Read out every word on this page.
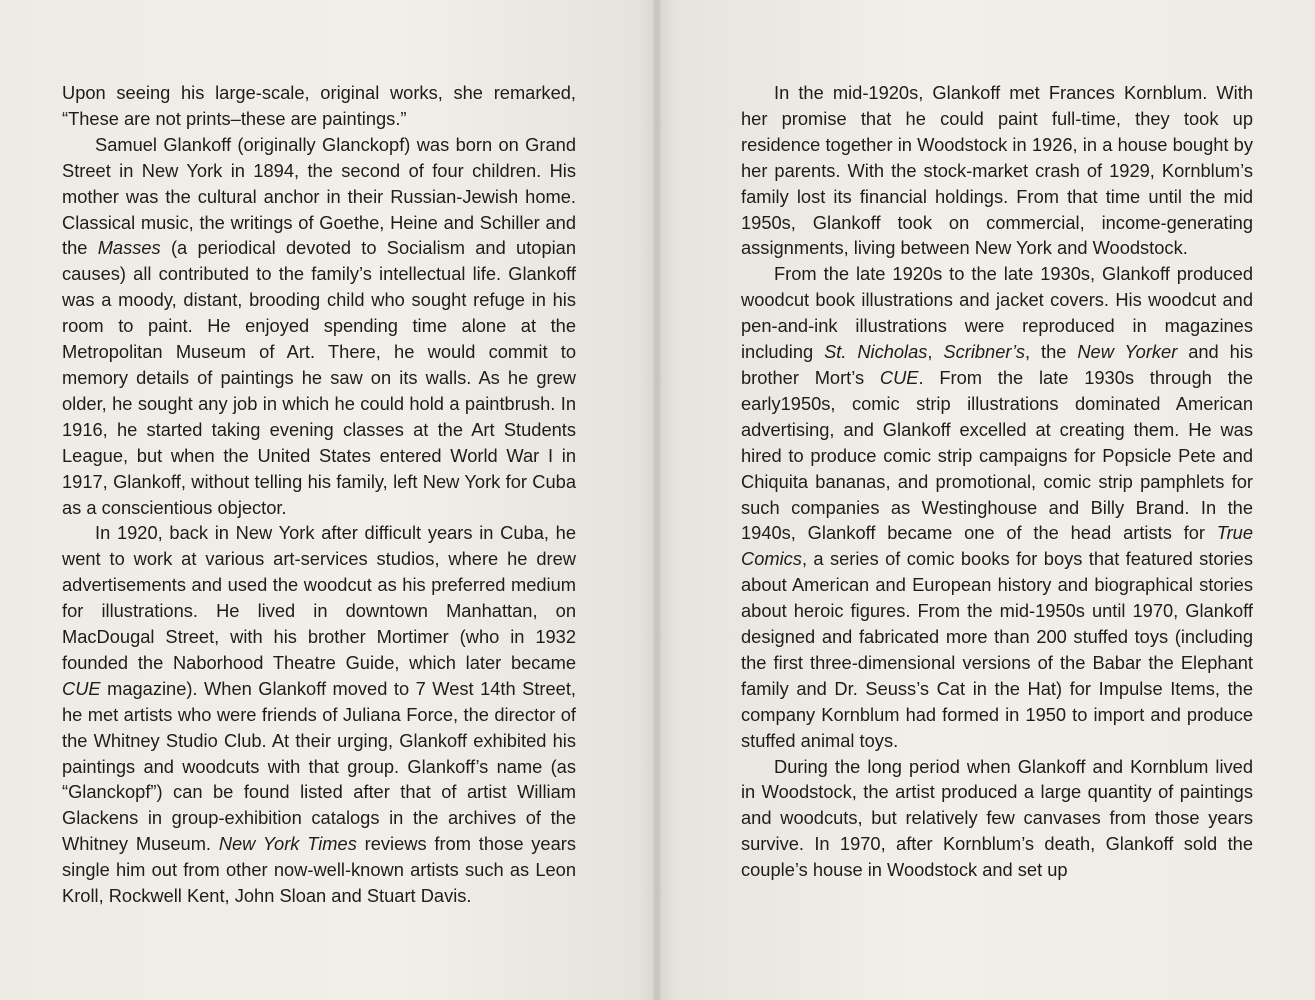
Upon seeing his large-scale, original works, she remarked, “These are not prints–these are paintings.”

Samuel Glankoff (originally Glanckopf) was born on Grand Street in New York in 1894, the second of four children. His mother was the cultural anchor in their Russian-Jewish home. Classical music, the writings of Goethe, Heine and Schiller and the Masses (a periodical devoted to Socialism and utopian causes) all contributed to the family’s intellectual life. Glankoff was a moody, distant, brooding child who sought refuge in his room to paint. He enjoyed spending time alone at the Metropolitan Museum of Art. There, he would commit to memory details of paintings he saw on its walls. As he grew older, he sought any job in which he could hold a paintbrush. In 1916, he started taking evening classes at the Art Students League, but when the United States entered World War I in 1917, Glankoff, without telling his family, left New York for Cuba as a conscientious objector.

In 1920, back in New York after difficult years in Cuba, he went to work at various art-services studios, where he drew advertisements and used the woodcut as his preferred medium for illustrations. He lived in downtown Manhattan, on MacDougal Street, with his brother Mortimer (who in 1932 founded the Naborhood Theatre Guide, which later became CUE magazine). When Glankoff moved to 7 West 14th Street, he met artists who were friends of Juliana Force, the director of the Whitney Studio Club. At their urging, Glankoff exhibited his paintings and woodcuts with that group. Glankoff’s name (as “Glanckopf”) can be found listed after that of artist William Glackens in group-exhibition catalogs in the archives of the Whitney Museum. New York Times reviews from those years single him out from other now-well-known artists such as Leon Kroll, Rockwell Kent, John Sloan and Stuart Davis.

In the mid-1920s, Glankoff met Frances Kornblum. With her promise that he could paint full-time, they took up residence together in Woodstock in 1926, in a house bought by her parents. With the stock-market crash of 1929, Kornblum’s family lost its financial holdings. From that time until the mid 1950s, Glankoff took on commercial, income-generating assignments, living between New York and Woodstock.

From the late 1920s to the late 1930s, Glankoff produced woodcut book illustrations and jacket covers. His woodcut and pen-and-ink illustrations were reproduced in magazines including St. Nicholas, Scribner’s, the New Yorker and his brother Mort’s CUE. From the late 1930s through the early1950s, comic strip illustrations dominated American advertising, and Glankoff excelled at creating them. He was hired to produce comic strip campaigns for Popsicle Pete and Chiquita bananas, and promotional, comic strip pamphlets for such companies as Westinghouse and Billy Brand. In the 1940s, Glankoff became one of the head artists for True Comics, a series of comic books for boys that featured stories about American and European history and biographical stories about heroic figures. From the mid-1950s until 1970, Glankoff designed and fabricated more than 200 stuffed toys (including the first three-dimensional versions of the Babar the Elephant family and Dr. Seuss’s Cat in the Hat) for Impulse Items, the company Kornblum had formed in 1950 to import and produce stuffed animal toys.

During the long period when Glankoff and Kornblum lived in Woodstock, the artist produced a large quantity of paintings and woodcuts, but relatively few canvases from those years survive. In 1970, after Kornblum’s death, Glankoff sold the couple’s house in Woodstock and set up
